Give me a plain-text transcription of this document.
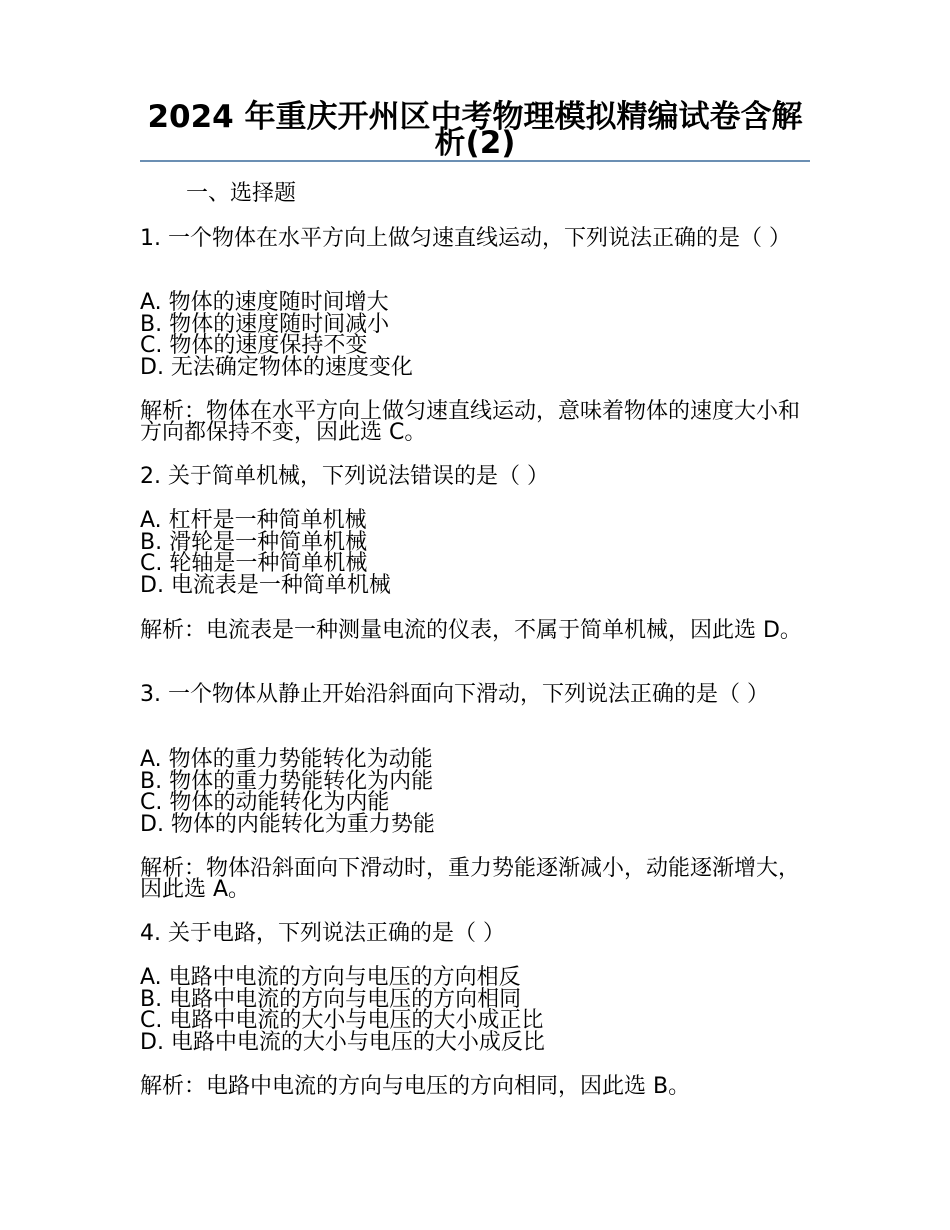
2024 年重庆开州区中考物理模拟精编试卷含解析(2)
一、选择题
1. 一个物体在水平方向上做匀速直线运动，下列说法正确的是（ ）
A. 物体的速度随时间增大
B. 物体的速度随时间减小
C. 物体的速度保持不变
D. 无法确定物体的速度变化
解析：物体在水平方向上做匀速直线运动，意味着物体的速度大小和方向都保持不变，因此选 C。
2. 关于简单机械，下列说法错误的是（ ）
A. 杠杆是一种简单机械
B. 滑轮是一种简单机械
C. 轮轴是一种简单机械
D. 电流表是一种简单机械
解析：电流表是一种测量电流的仪表，不属于简单机械，因此选 D。
3. 一个物体从静止开始沿斜面向下滑动，下列说法正确的是（ ）
A. 物体的重力势能转化为动能
B. 物体的重力势能转化为内能
C. 物体的动能转化为内能
D. 物体的内能转化为重力势能
解析：物体沿斜面向下滑动时，重力势能逐渐减小，动能逐渐增大，因此选 A。
4. 关于电路，下列说法正确的是（ ）
A. 电路中电流的方向与电压的方向相反
B. 电路中电流的方向与电压的方向相同
C. 电路中电流的大小与电压的大小成正比
D. 电路中电流的大小与电压的大小成反比
解析：电路中电流的方向与电压的方向相同，因此选 B。
